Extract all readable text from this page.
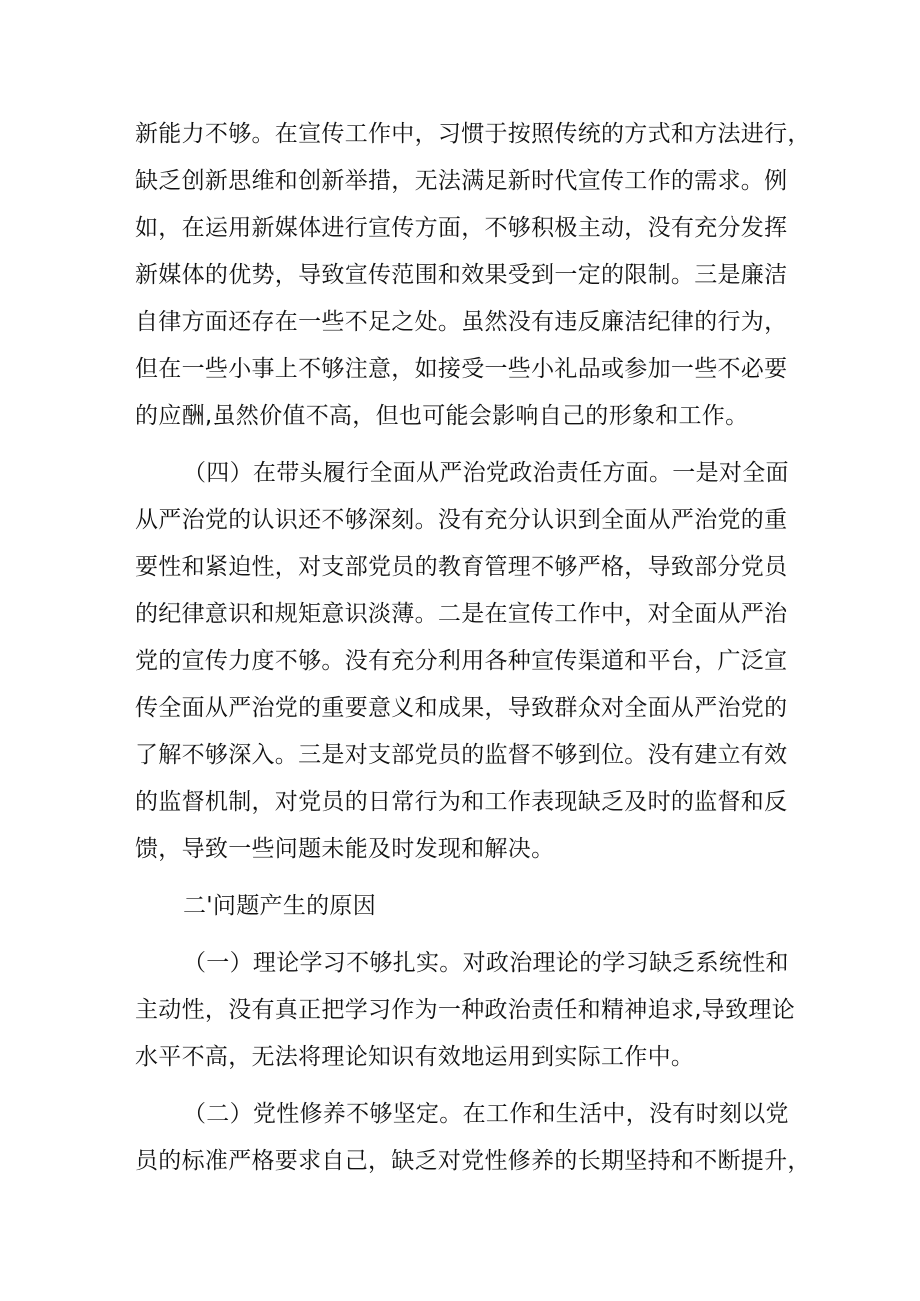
新能力不够。在宣传工作中，习惯于按照传统的方式和方法进行，
缺乏创新思维和创新举措，无法满足新时代宣传工作的需求。例
如，在运用新媒体进行宣传方面，不够积极主动，没有充分发挥
新媒体的优势，导致宣传范围和效果受到一定的限制。三是廉洁
自律方面还存在一些不足之处。虽然没有违反廉洁纪律的行为，
但在一些小事上不够注意，如接受一些小礼品或参加一些不必要
的应酬,虽然价值不高，但也可能会影响自己的形象和工作。
（四）在带头履行全面从严治党政治责任方面。一是对全面
从严治党的认识还不够深刻。没有充分认识到全面从严治党的重
要性和紧迫性，对支部党员的教育管理不够严格，导致部分党员
的纪律意识和规矩意识淡薄。二是在宣传工作中，对全面从严治
党的宣传力度不够。没有充分利用各种宣传渠道和平台，广泛宣
传全面从严治党的重要意义和成果，导致群众对全面从严治党的
了解不够深入。三是对支部党员的监督不够到位。没有建立有效
的监督机制，对党员的日常行为和工作表现缺乏及时的监督和反
馈，导致一些问题未能及时发现和解决。
二'问题产生的原因
（一）理论学习不够扎实。对政治理论的学习缺乏系统性和
主动性，没有真正把学习作为一种政治责任和精神追求,导致理论
水平不高，无法将理论知识有效地运用到实际工作中。
（二）党性修养不够坚定。在工作和生活中，没有时刻以党
员的标准严格要求自己，缺乏对党性修养的长期坚持和不断提升，
